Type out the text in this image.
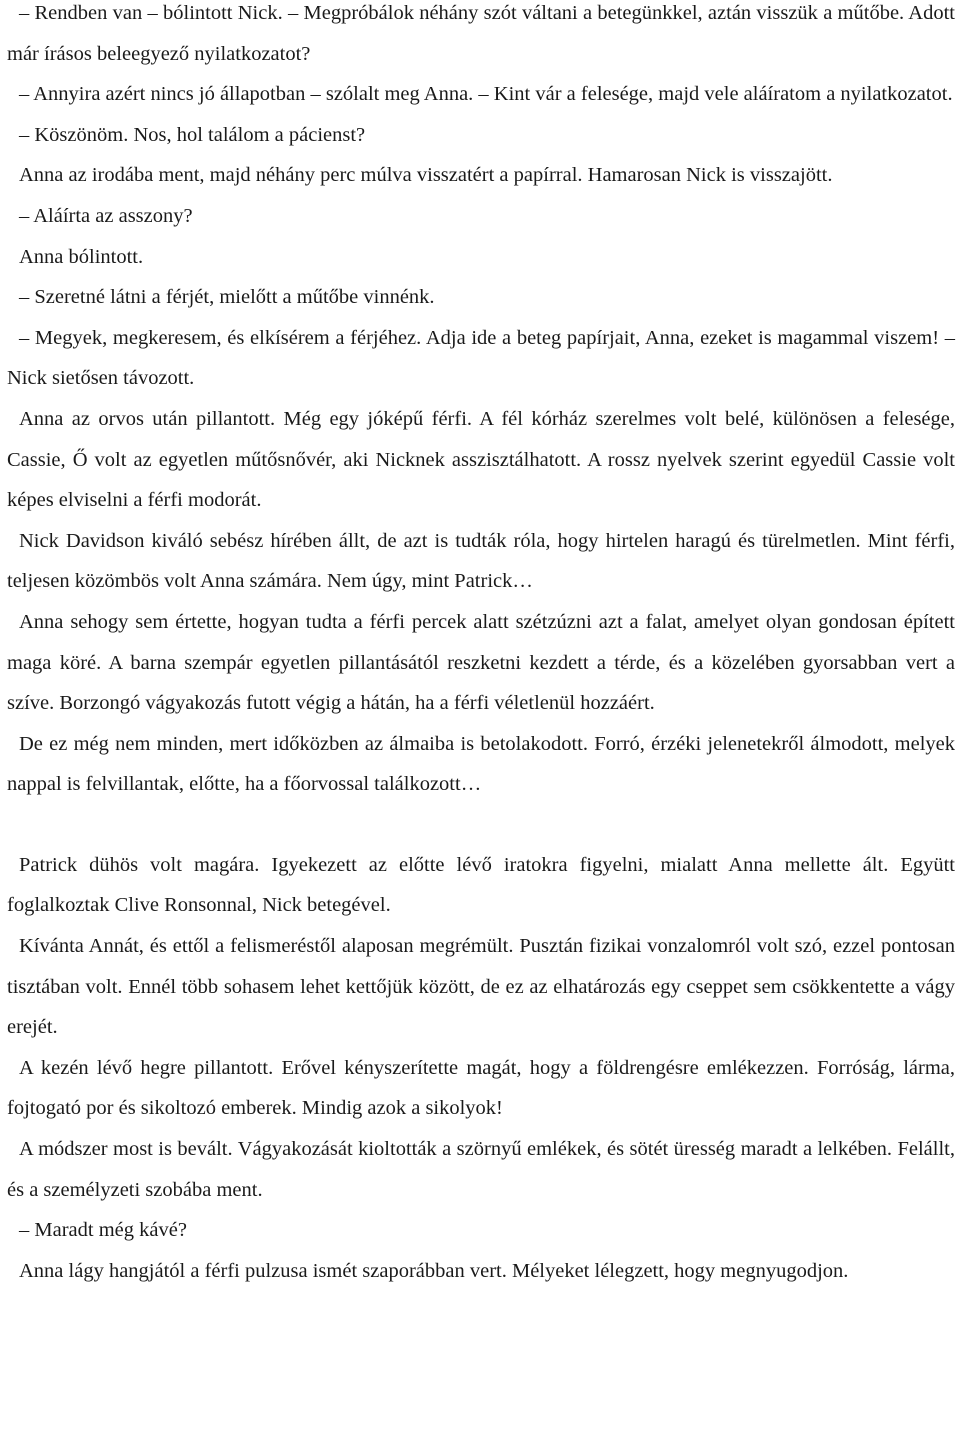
– Rendben van – bólintott Nick. – Megpróbálok néhány szót váltani a betegünkkel, aztán visszük a műtőbe. Adott már írásos beleegyező nyilatkozatot?

– Annyira azért nincs jó állapotban – szólalt meg Anna. – Kint vár a felesége, majd vele aláíratom a nyilatkozatot.

– Köszönöm. Nos, hol találom a pácienst?

Anna az irodába ment, majd néhány perc múlva visszatért a papírral. Hamarosan Nick is visszajött.

– Aláírta az asszony?

Anna bólintott.

– Szeretné látni a férjét, mielőtt a műtőbe vinnénk.

– Megyek, megkeresem, és elkísérem a férjéhez. Adja ide a beteg papírjait, Anna, ezeket is magammal viszem! – Nick sietősen távozott.

Anna az orvos után pillantott. Még egy jóképű férfi. A fél kórház szerelmes volt belé, különösen a felesége, Cassie, Ő volt az egyetlen műtősnővér, aki Nicknek asszisztálhatott. A rossz nyelvek szerint egyedül Cassie volt képes elviselni a férfi modorát.

Nick Davidson kiváló sebész hírében állt, de azt is tudták róla, hogy hirtelen haragú és türelmetlen. Mint férfi, teljesen közömbös volt Anna számára. Nem úgy, mint Patrick…

Anna sehogy sem értette, hogyan tudta a férfi percek alatt szétzúzni azt a falat, amelyet olyan gondosan épített maga köré. A barna szempár egyetlen pillantásától reszketni kezdett a térde, és a közelében gyorsabban vert a szíve. Borzongó vágyakozás futott végig a hátán, ha a férfi véletlenül hozzáért.

De ez még nem minden, mert időközben az álmaiba is betolakodott. Forró, érzéki jelenetekről álmodott, melyek nappal is felvillantak, előtte, ha a főorvossal találkozott…

Patrick dühös volt magára. Igyekezett az előtte lévő iratokra figyelni, mialatt Anna mellette ált. Együtt foglalkoztak Clive Ronsonnal, Nick betegével.

Kívánta Annát, és ettől a felismeréstől alaposan megrémült. Pusztán fizikai vonzalomról volt szó, ezzel pontosan tisztában volt. Ennél több sohasem lehet kettőjük között, de ez az elhatározás egy cseppet sem csökkentette a vágy erejét.

A kezén lévő hegre pillantott. Erővel kényszerítette magát, hogy a földrengésre emlékezzen. Forróság, lárma, fojtogató por és sikoltozó emberek. Mindig azok a sikolyok!

A módszer most is bevált. Vágyakozását kioltották a szörnyű emlékek, és sötét üresség maradt a lelkében. Felállt, és a személyzeti szobába ment.

– Maradt még kávé?

Anna lágy hangjától a férfi pulzusa ismét szaporábban vert. Mélyeket lélegzett, hogy megnyugodjon.
